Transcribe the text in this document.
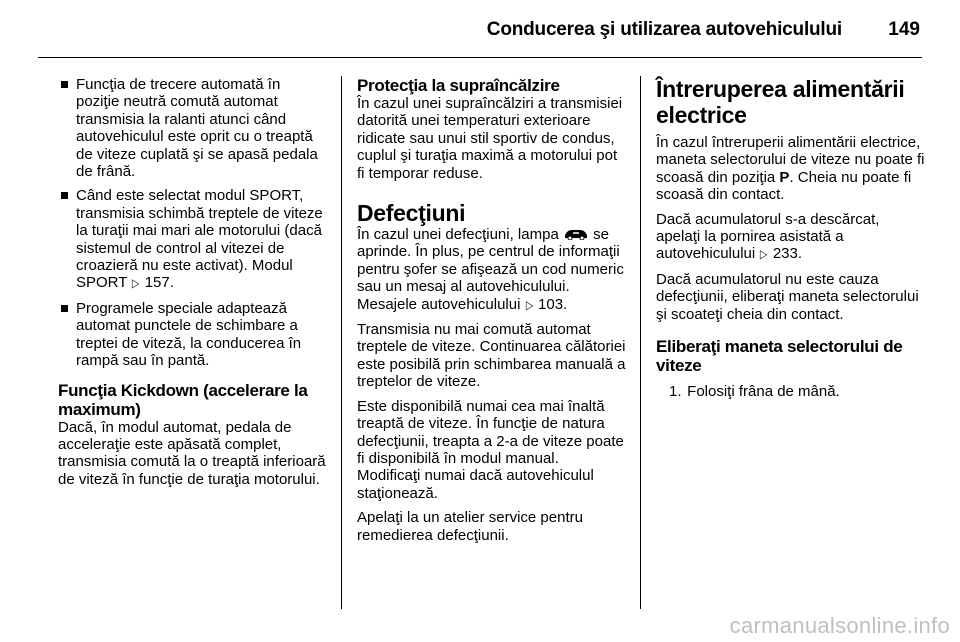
Conducerea şi utilizarea autovehiculului 149
Funcţia de trecere automată în poziţie neutră comută automat transmisia la ralanti atunci când autovehiculul este oprit cu o treaptă de viteze cuplată şi se apasă pedala de frână.
Când este selectat modul SPORT, transmisia schimbă treptele de viteze la turaţii mai mari ale motorului (dacă sistemul de control al vitezei de croazieră nu este activat). Modul SPORT ▷ 157.
Programele speciale adaptează automat punctele de schimbare a treptei de viteză, la conducerea în rampă sau în pantă.
Funcţia Kickdown (accelerare la maximum)

Dacă, în modul automat, pedala de acceleraţie este apăsată complet, transmisia comută la o treaptă inferioară de viteză în funcţie de turaţia motorului.

Protecţia la supraîncălzire

În cazul unei supraîncălziri a transmisiei datorită unei temperaturi exterioare ridicate sau unui stil sportiv de condus, cuplul şi turaţia maximă a motorului pot fi temporar reduse.

Defecţiuni

În cazul unei defecţiuni, lampa se aprinde. În plus, pe centrul de informaţii pentru şofer se afişează un cod numeric sau un mesaj al autovehiculului. Mesajele autovehiculului ▷ 103.

Transmisia nu mai comută automat treptele de viteze. Continuarea călătoriei este posibilă prin schimbarea manuală a treptelor de viteze.

Este disponibilă numai cea mai înaltă treaptă de viteze. În funcţie de natura defecţiunii, treapta a 2-a de viteze poate fi disponibilă în modul manual. Modificaţi numai dacă autovehiculul staţionează.

Apelaţi la un atelier service pentru remedierea defecţiunii.

Întreruperea alimentării electrice

În cazul întreruperii alimentării electrice, maneta selectorului de viteze nu poate fi scoasă din poziţia P. Cheia nu poate fi scoasă din contact.

Dacă acumulatorul s-a descărcat, apelaţi la pornirea asistată a autovehiculului ▷ 233.

Dacă acumulatorul nu este cauza defecţiunii, eliberaţi maneta selectorului şi scoateţi cheia din contact.

Eliberaţi maneta selectorului de viteze
1. Folosiţi frâna de mână.
carmanualsonline.info
